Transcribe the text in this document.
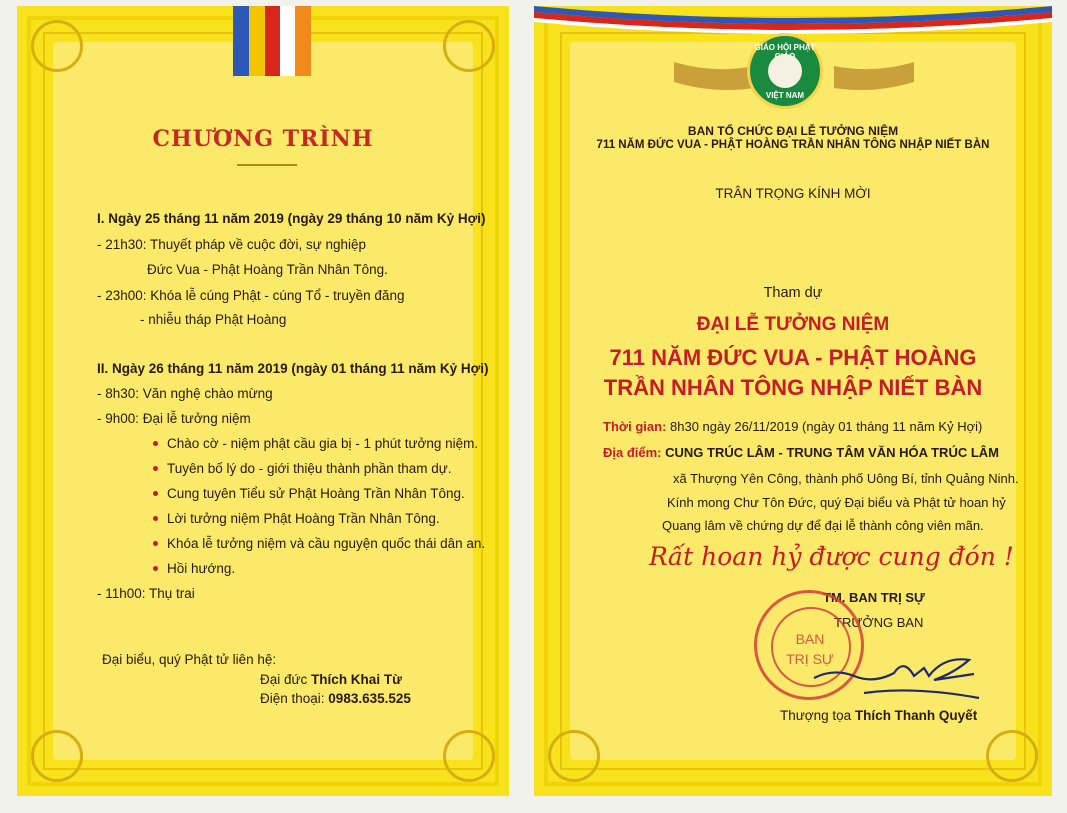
CHƯƠNG TRÌNH
I. Ngày 25 tháng 11 năm 2019 (ngày 29 tháng 10 năm Kỷ Hợi)
- 21h30: Thuyết pháp về cuộc đời, sự nghiệp
Đức Vua - Phật Hoàng Trần Nhân Tông.
- 23h00: Khóa lễ cúng Phật - cúng Tổ - truyền đăng
- nhiễu tháp Phật Hoàng
II. Ngày 26 tháng 11 năm 2019 (ngày 01 tháng 11 năm Kỷ Hợi)
- 8h30: Văn nghệ chào mừng
- 9h00: Đại lễ tưởng niệm
Chào cờ - niệm phật cầu gia bị - 1 phút tưởng niệm.
Tuyên bố lý do - giới thiệu thành phần tham dự.
Cung tuyên Tiểu sử Phật Hoàng Trần Nhân Tông.
Lời tưởng niệm Phật Hoàng Trần Nhân Tông.
Khóa lễ tưởng niệm và cầu nguyện quốc thái dân an.
Hồi hướng.
- 11h00: Thụ trai
Đại biểu, quý Phật tử liên hệ:
Đại đức Thích Khai Từ
Điện thoại: 0983.635.525
GIÁO HỘI PHẬT
VIỆT NAM
BAN TỔ CHỨC ĐẠI LỄ TƯỞNG NIỆM
711 NĂM ĐỨC VUA - PHẬT HOÀNG TRẦN NHÂN TÔNG NHẬP NIẾT BÀN
TRÂN TRỌNG KÍNH MỜI
Tham dự
ĐẠI LỄ TƯỞNG NIỆM
711 NĂM ĐỨC VUA - PHẬT HOÀNG
TRẦN NHÂN TÔNG NHẬP NIẾT BÀN
Thời gian: 8h30 ngày 26/11/2019 (ngày 01 tháng 11 năm Kỷ Hợi)
Địa điểm: CUNG TRÚC LÂM - TRUNG TÂM VĂN HÓA TRÚC LÂM
xã Thượng Yên Công, thành phố Uông Bí, tỉnh Quảng Ninh.
Kính mong Chư Tôn Đức, quý Đại biểu và Phật tử hoan hỷ
Quang lâm về chứng dự để đại lễ thành công viên mãn.
Rất hoan hỷ được cung đón !
TM. BAN TRỊ SỰ
TRƯỞNG BAN
BAN
TRỊ SỰ
Thượng tọa Thích Thanh Quyết
